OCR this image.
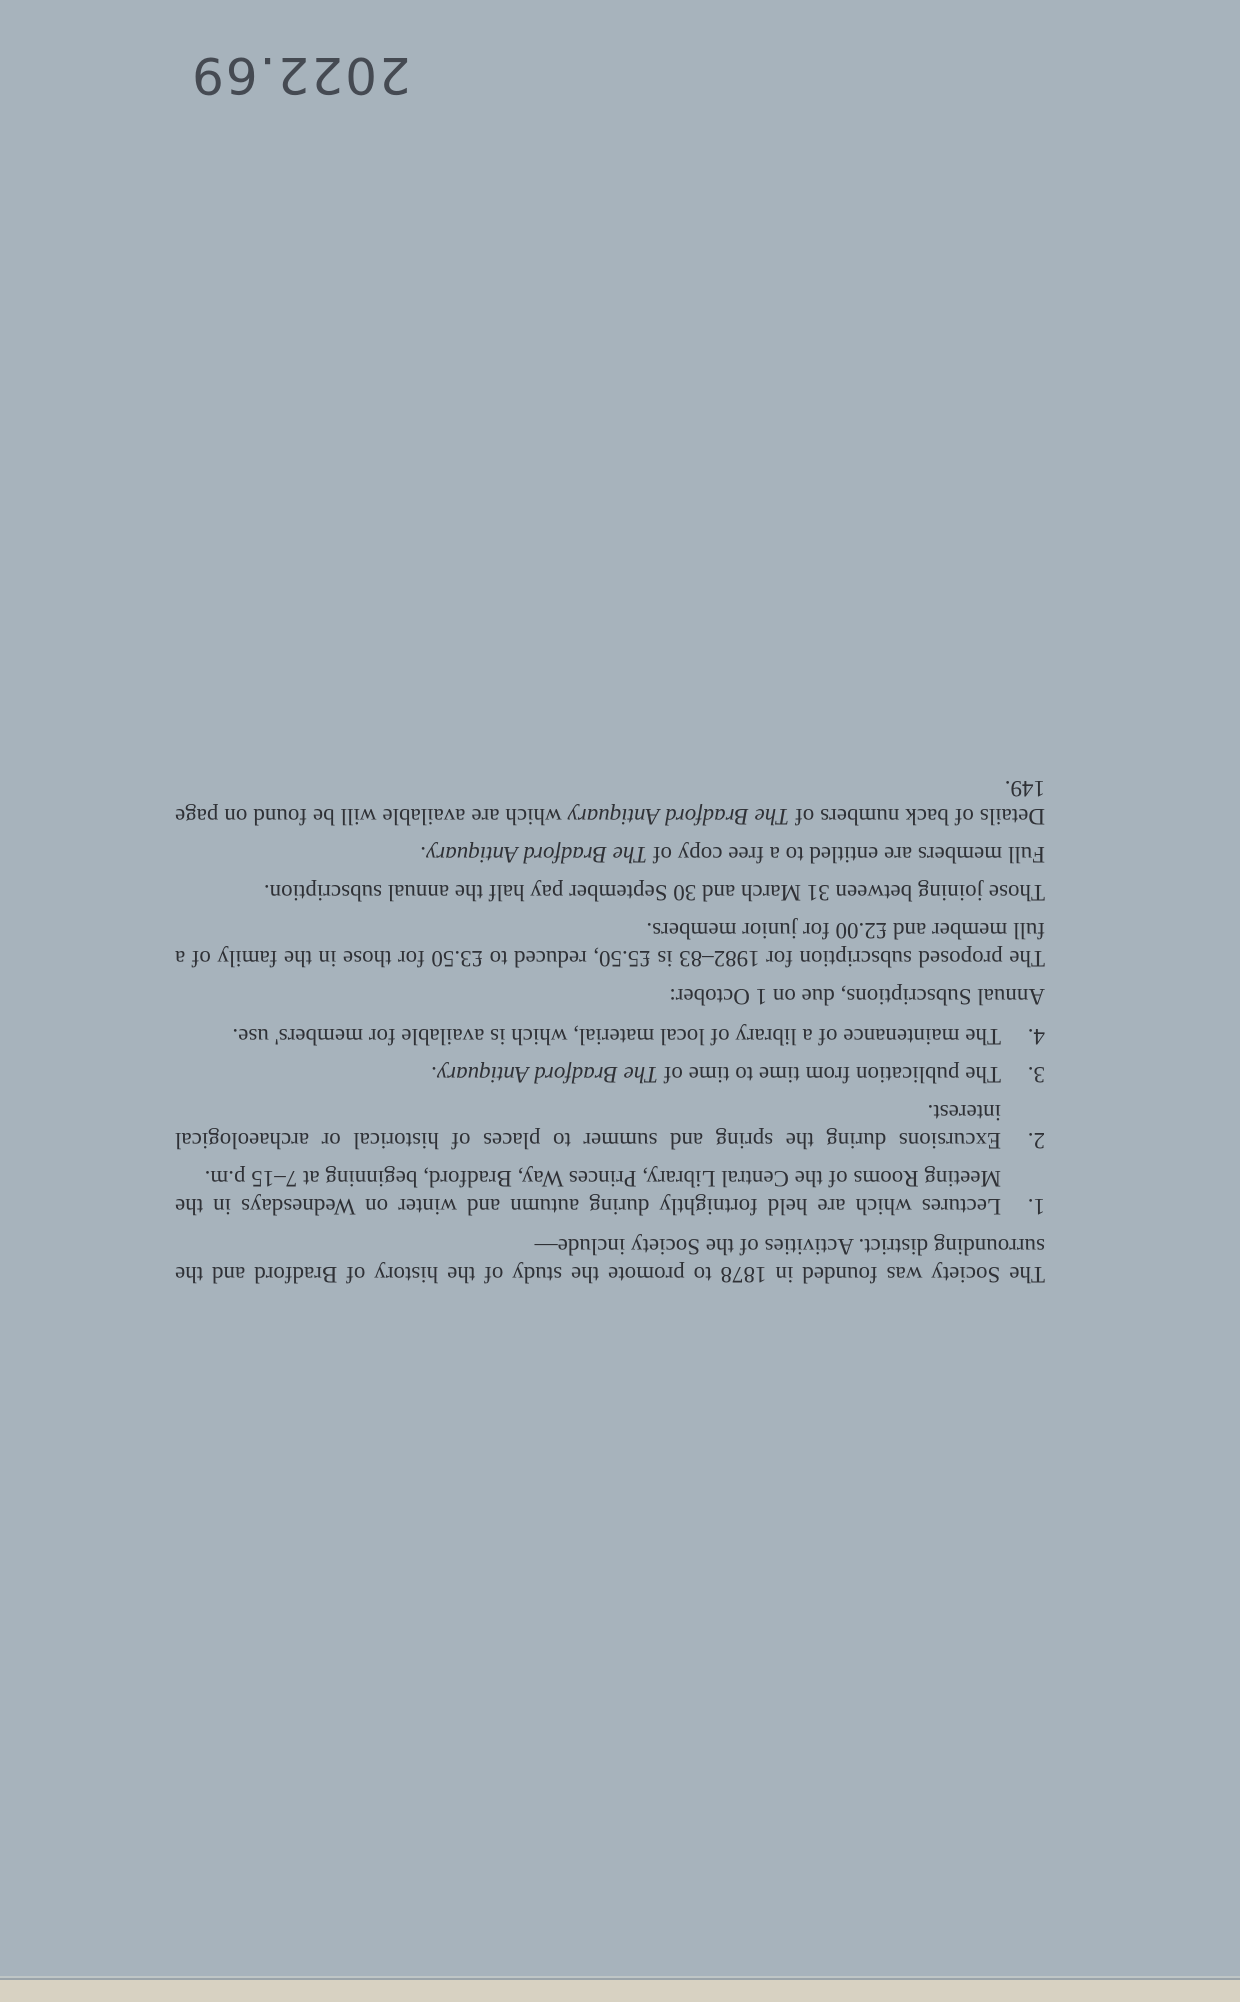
2022.69

The Society was founded in 1878 to promote the study of the history of Bradford and the surrounding district. Activities of the Society include—

1.
Lectures which are held fortnightly during autumn and winter on Wednesdays in the Meeting Rooms of the Central Library, Princes Way, Bradford, beginning at 7–15 p.m.
2.
Excursions during the spring and summer to places of historical or archaeological interest.
3.
The publication from time to time of The Bradford Antiquary.
4.
The maintenance of a library of local material, which is available for members' use.

Annual Subscriptions, due on 1 October:

The proposed subscription for 1982–83 is £5.50, reduced to £3.50 for those in the family of a full member and £2.00 for junior members.

Those joining between 31 March and 30 September pay half the annual subscription.

Full members are entitled to a free copy of The Bradford Antiquary.

Details of back numbers of The Bradford Antiquary which are available will be found on page 149.
